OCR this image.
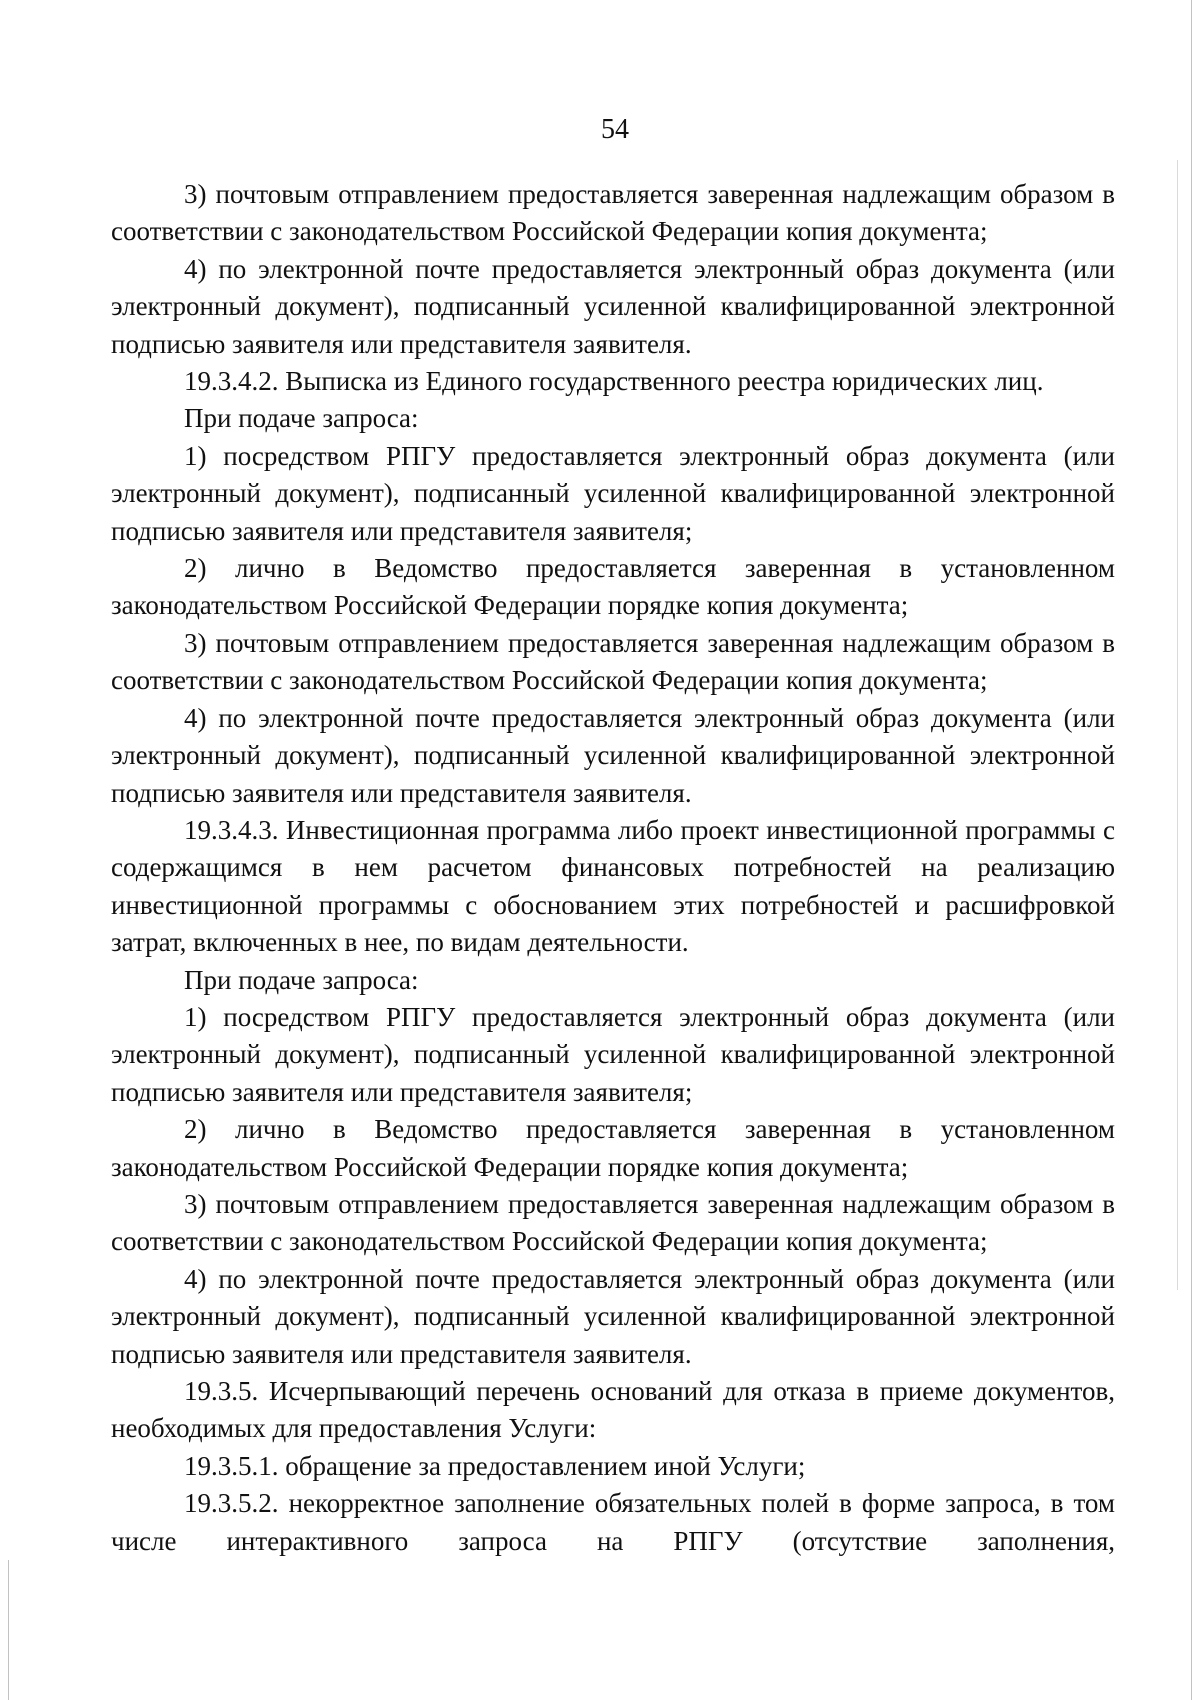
54

3) почтовым отправлением предоставляется заверенная надлежащим образом в соответствии с законодательством Российской Федерации копия документа;

4) по электронной почте предоставляется электронный образ документа (или электронный документ), подписанный усиленной квалифицированной электронной подписью заявителя или представителя заявителя.

19.3.4.2. Выписка из Единого государственного реестра юридических лиц.

При подаче запроса:

1) посредством РПГУ предоставляется электронный образ документа (или электронный документ), подписанный усиленной квалифицированной электронной подписью заявителя или представителя заявителя;

2) лично в Ведомство предоставляется заверенная в установленном законодательством Российской Федерации порядке копия документа;

3) почтовым отправлением предоставляется заверенная надлежащим образом в соответствии с законодательством Российской Федерации копия документа;

4) по электронной почте предоставляется электронный образ документа (или электронный документ), подписанный усиленной квалифицированной электронной подписью заявителя или представителя заявителя.

19.3.4.3. Инвестиционная программа либо проект инвестиционной программы с содержащимся в нем расчетом финансовых потребностей на реализацию инвестиционной программы с обоснованием этих потребностей и расшифровкой затрат, включенных в нее, по видам деятельности.

При подаче запроса:

1) посредством РПГУ предоставляется электронный образ документа (или электронный документ), подписанный усиленной квалифицированной электронной подписью заявителя или представителя заявителя;

2) лично в Ведомство предоставляется заверенная в установленном законодательством Российской Федерации порядке копия документа;

3) почтовым отправлением предоставляется заверенная надлежащим образом в соответствии с законодательством Российской Федерации копия документа;

4) по электронной почте предоставляется электронный образ документа (или электронный документ), подписанный усиленной квалифицированной электронной подписью заявителя или представителя заявителя.

19.3.5. Исчерпывающий перечень оснований для отказа в приеме документов, необходимых для предоставления Услуги:

19.3.5.1. обращение за предоставлением иной Услуги;

19.3.5.2. некорректное заполнение обязательных полей в форме запроса, в том числе интерактивного запроса на РПГУ (отсутствие заполнения,
